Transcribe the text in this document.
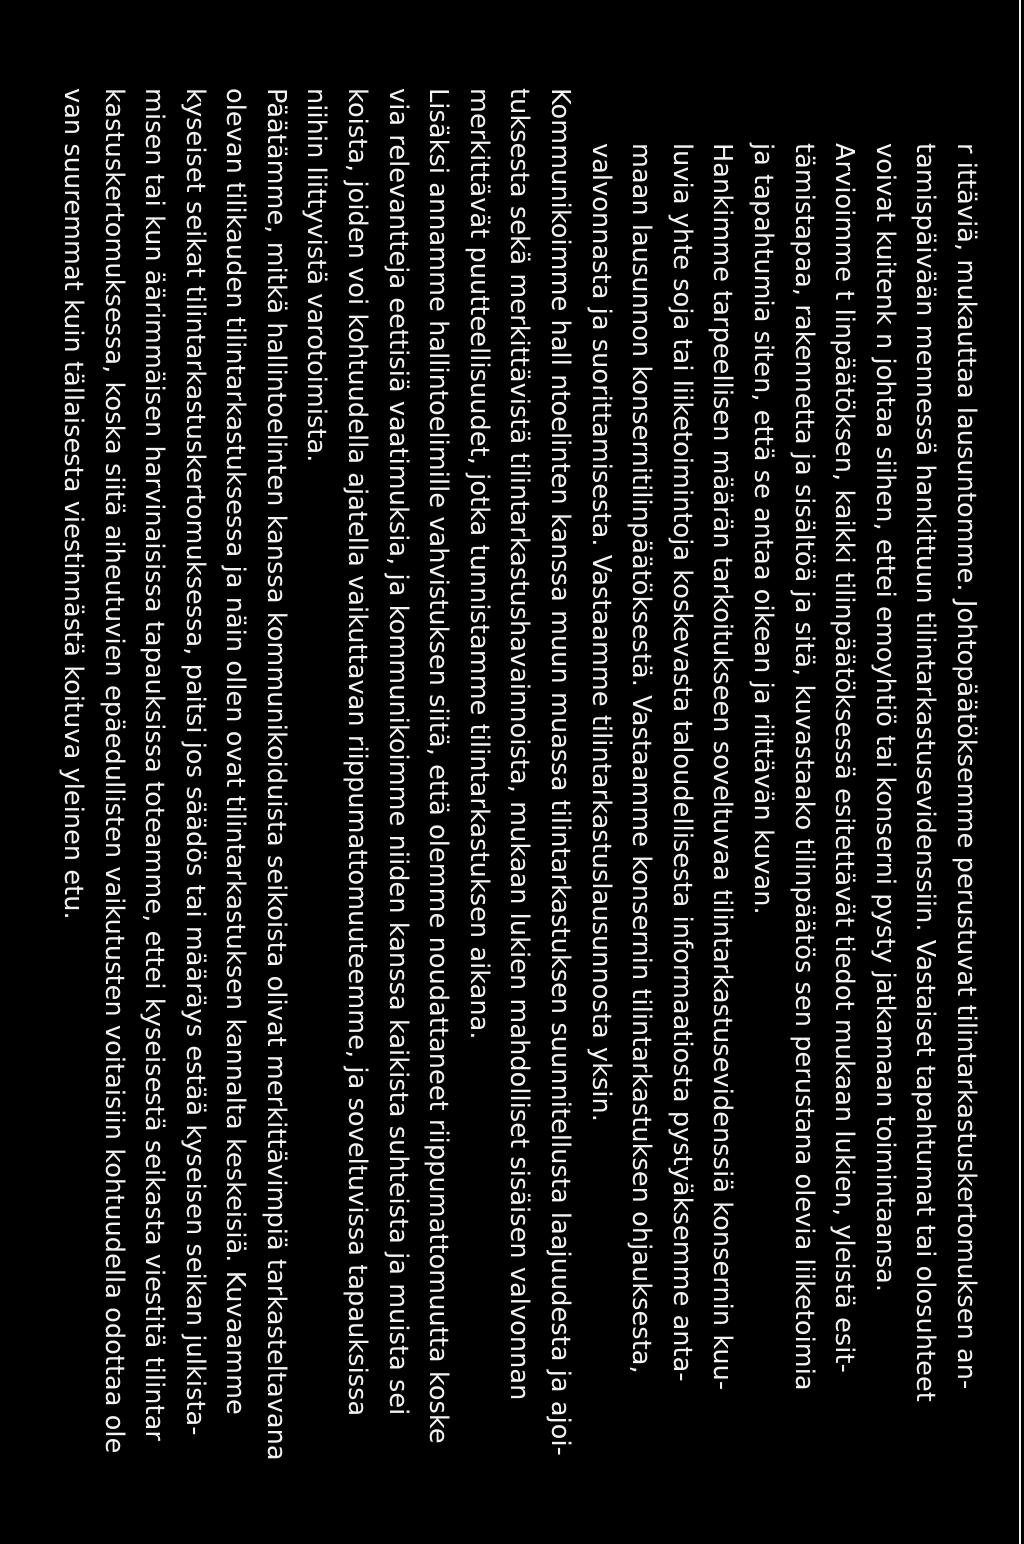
r ittäviä, mukauttaa lausuntomme. Johtopäätöksemme perustuvat tilintarkastuskertomuksen an-
tamispäivään mennessä hankittuun tilintarkastusevidenssiin. Vastaiset tapahtumat tai olosuhteet
voivat kuitenk n johtaa siihen, ettei emoyhtiö tai konserni pysty jatkamaan toimintaansa.
Arvioimme t linpäätöksen, kaikki tilinpäätöksessä esitettävät tiedot mukaan lukien, yleistä esit-
tämistapaa, rakennetta ja sisältöä ja sitä, kuvastaako tilinpäätös sen perustana olevia liiketoimia
ja tapahtumia siten, että se antaa oikean ja riittävän kuvan.
Hankimme tarpeellisen määrän tarkoitukseen soveltuvaa tilintarkastusevidenssiä konsernin kuu-
luvia yhte soja tai liiketoimintoja koskevasta taloudellisesta informaatiosta pystyäksemme anta-
maan lausunnon konsernitilinpäätöksestä. Vastaamme konsernin tilintarkastuksen ohjauksesta,
valvonnasta ja suorittamisesta. Vastaamme tilintarkastuslausunnosta yksin.
Kommunikoimme hall ntoelinten kanssa muun muassa tilintarkastuksen suunnitellusta laajuudesta ja ajoi-
tuksesta sekä merkittävistä tilintarkastushavainnoista, mukaan lukien mahdolliset sisäisen valvonnan
merkittävät puutteellisuudet, jotka tunnistamme tilintarkastuksen aikana.
Lisäksi annamme hallintoelimille vahvistuksen siitä, että olemme noudattaneet riippumattomuutta koske
via relevantteja eettisiä vaatimuksia, ja kommunikoimme niiden kanssa kaikista suhteista ja muista sei
koista, joiden voi kohtuudella ajatella vaikuttavan riippumattomuuteemme, ja soveltuvissa tapauksissa
niihin liittyvistä varotoimista.
Päätämme, mitkä hallintoelinten kanssa kommunikoiduista seikoista olivat merkittävimpiä tarkasteltavana
olevan tilikauden tilintarkastuksessa ja näin ollen ovat tilintarkastuksen kannalta keskeisiä. Kuvaamme
kyseiset seikat tilintarkastuskertomuksessa, paitsi jos säädös tai määräys estää kyseisen seikan julkista-
misen tai kun äärimmäisen harvinaisissa tapauksissa toteamme, ettei kyseisestä seikasta viestitä tilintar
kastuskertomuksessa, koska siitä aiheutuvien epäedullisten vaikutusten voitaisiin kohtuudella odottaa ole
van suuremmat kuin tällaisesta viestinnästä koituva yleinen etu.
